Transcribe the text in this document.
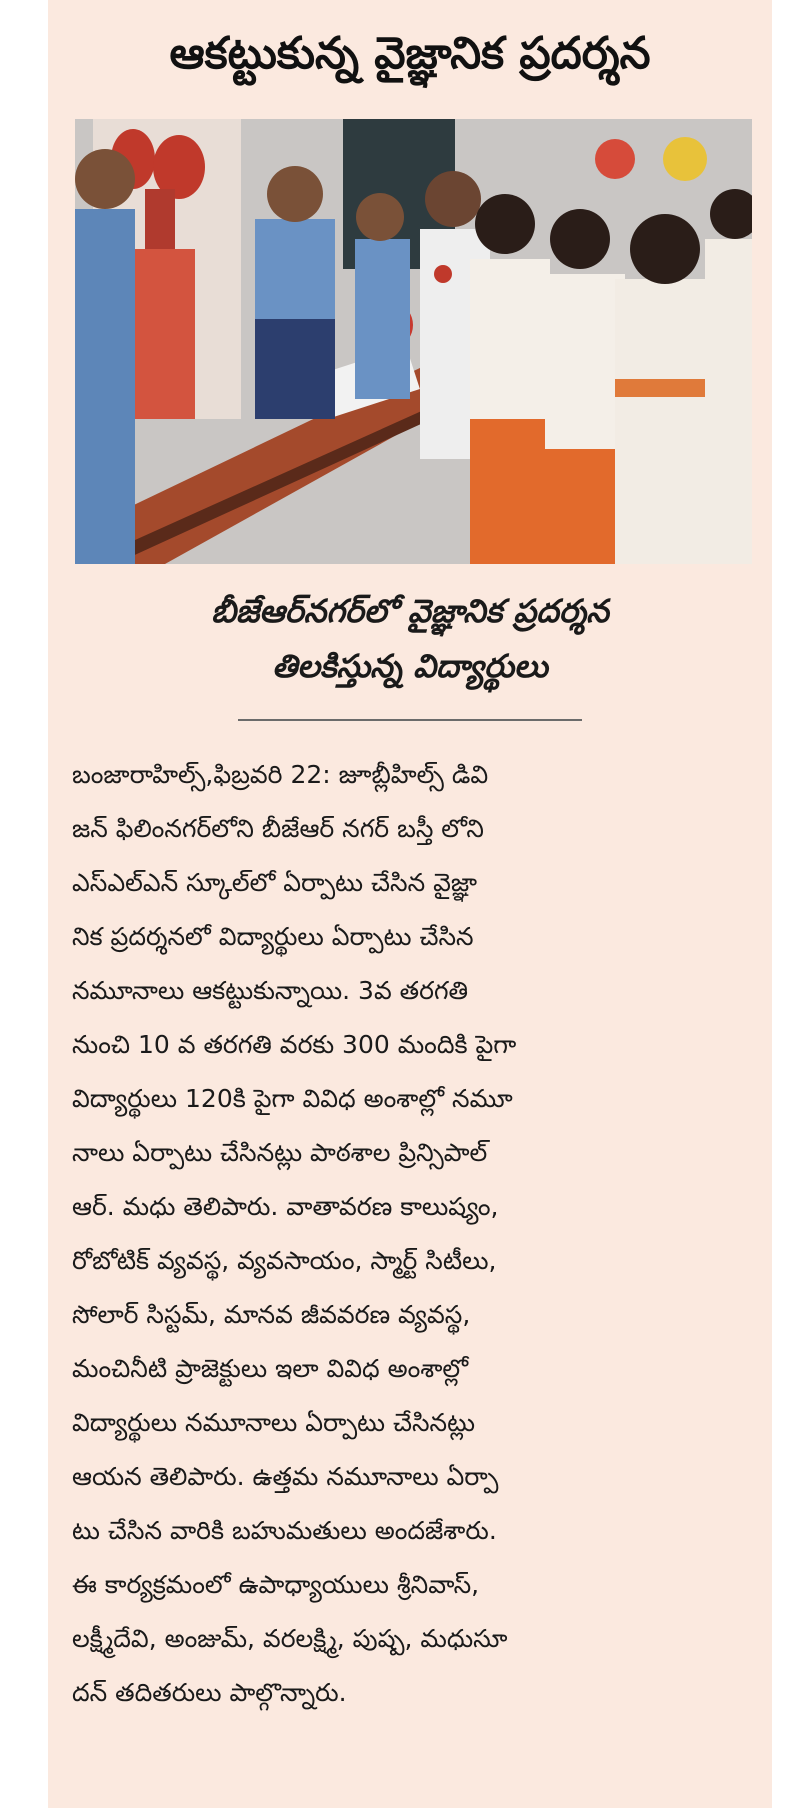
ఆకట్టుకున్న వైజ్ఞానిక ప్రదర్శన
బీజేఆర్‌నగర్‌లో వైజ్ఞానిక ప్రదర్శన
తిలకిస్తున్న విద్యార్థులు
బంజారాహిల్స్,ఫిబ్రవరి 22: జూబ్లీహిల్స్ డివి
జన్ ఫిలింనగర్‌లోని బీజేఆర్ నగర్ బస్తీ లోని
ఎస్ఎల్ఎన్ స్కూల్‌లో ఏర్పాటు చేసిన వైజ్ఞా
నిక ప్రదర్శనలో విద్యార్థులు ఏర్పాటు చేసిన
నమూనాలు ఆకట్టుకున్నాయి. 3వ తరగతి
నుంచి 10 వ తరగతి వరకు 300 మందికి పైగా
విద్యార్థులు 120కి పైగా వివిధ అంశాల్లో నమూ
నాలు ఏర్పాటు చేసినట్లు పాఠశాల ప్రిన్సిపాల్
ఆర్. మధు తెలిపారు. వాతావరణ కాలుష్యం,
రోబోటిక్ వ్యవస్థ, వ్యవసాయం, స్మార్ట్ సిటీలు,
సోలార్ సిస్టమ్, మానవ జీవవరణ వ్యవస్థ,
మంచినీటి ప్రాజెక్టులు ఇలా వివిధ అంశాల్లో
విద్యార్థులు నమూనాలు ఏర్పాటు చేసినట్లు
ఆయన తెలిపారు. ఉత్తమ నమూనాలు ఏర్పా
టు చేసిన వారికి బహుమతులు అందజేశారు.
ఈ కార్యక్రమంలో ఉపాధ్యాయులు శ్రీనివాస్,
లక్ష్మీదేవి, అంజుమ్, వరలక్ష్మి, పుష్ప, మధుసూ
దన్ తదితరులు పాల్గొన్నారు.
